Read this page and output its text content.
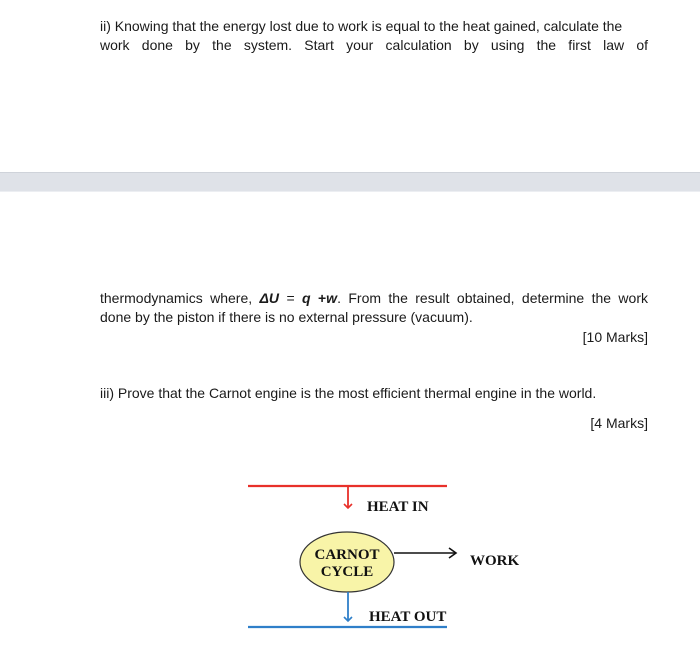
ii) Knowing that the energy lost due to work is equal to the heat gained, calculate the
work done by the system. Start your calculation by using the first law of
thermodynamics where, ΔU = q +w. From the result obtained, determine the work
done by the piston if there is no external pressure (vacuum).
[10 Marks]
iii) Prove that the Carnot engine is the most efficient thermal engine in the world.
[4 Marks]
HEAT IN
CARNOT
CYCLE
WORK
HEAT OUT
